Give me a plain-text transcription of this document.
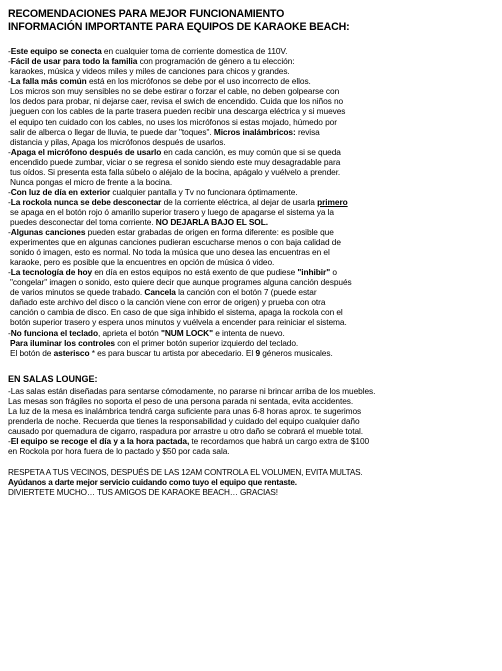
RECOMENDACIONES PARA MEJOR FUNCIONAMIENTO

INFORMACIÓN IMPORTANTE PARA EQUIPOS DE KARAOKE BEACH:

-Este equipo se conecta en cualquier toma de corriente domestica de 110V.

-Fácil de usar para todo la familia con programación de género a tu elección:

karaokes, música y videos miles y miles de canciones para chicos y grandes.

-La falla más común está en los micrófonos se debe por el uso incorrecto de ellos.

Los micros son muy sensibles no se debe estirar o forzar el cable, no deben golpearse con

los dedos para probar, ni dejarse caer, revisa el swich de encendido. Cuida que los niños no

jueguen con los cables de la parte trasera pueden recibir una descarga eléctrica y si mueves

el equipo ten cuidado con los cables, no uses los micrófonos si estas mojado, húmedo por

salir de alberca o llegar de lluvia, te puede dar "toques". Micros inalámbricos: revisa

distancia y pilas, Apaga los micrófonos después de usarlos.

-Apaga el micrófono después de usarlo en cada canción, es muy común que si se queda

encendido puede zumbar, viciar o se regresa el sonido siendo este muy desagradable para

tus oídos. Si presenta esta falla súbelo o aléjalo de la bocina, apágalo y vuélvelo a prender.

Nunca pongas el micro de frente a la bocina.

-Con luz de día en exterior cualquier pantalla y Tv no funcionara óptimamente.

-La rockola nunca se debe desconectar de la corriente eléctrica, al dejar de usarla primero

se apaga en el botón rojo ó amarillo superior trasero y luego de apagarse el sistema ya la

puedes desconectar del toma corriente. NO DEJARLA BAJO EL SOL.

-Algunas canciones pueden estar grabadas de origen en forma diferente: es posible que

experimentes que en algunas canciones pudieran escucharse menos o con baja calidad de

sonido ó imagen, esto es normal. No toda la música que uno desea las encuentras en el

karaoke, pero es posible que la encuentres en opción de música ó video.

-La tecnología de hoy en día en estos equipos no está exento de que pudiese "inhibir" o

"congelar" imagen o sonido, esto quiere decir que aunque programes alguna canción después

de varios minutos se quede trabado. Cancela la canción con el botón 7 (puede estar

dañado este archivo del disco o la canción viene con error de origen) y prueba con otra

canción o cambia de disco. En caso de que siga inhibido el sistema, apaga la rockola con el

botón superior trasero y espera unos minutos y vuélvela a encender para reiniciar el sistema.

-No funciona el teclado, aprieta el botón "NUM LOCK" e intenta de nuevo.

Para iluminar los controles con el primer botón superior izquierdo del teclado.

El botón de asterisco * es para buscar tu artista por abecedario. El 9 géneros musicales.

EN SALAS LOUNGE:

-Las salas están diseñadas para sentarse cómodamente, no pararse ni brincar arriba de los muebles.

Las mesas son frágiles no soporta el peso de una persona parada ni sentada, evita accidentes.

La luz de la mesa es inalámbrica tendrá carga suficiente para unas 6-8 horas aprox. te sugerimos

prenderla de noche. Recuerda que tienes la responsabilidad y cuidado del equipo cualquier daño

causado por quemadura de cigarro, raspadura por arrastre u otro daño se cobrará el mueble total.

-El equipo se recoge el día y a la hora pactada, te recordamos que habrá un cargo extra de $100

en Rockola por hora fuera de lo pactado y $50 por cada sala.

RESPETA A TUS VECINOS, DESPUÉS DE LAS 12AM CONTROLA EL VOLUMEN, EVITA MULTAS.

Ayúdanos a darte mejor servicio cuidando como tuyo el equipo que rentaste.

DIVIERTETE MUCHO… TUS AMIGOS DE KARAOKE BEACH… GRACIAS!
